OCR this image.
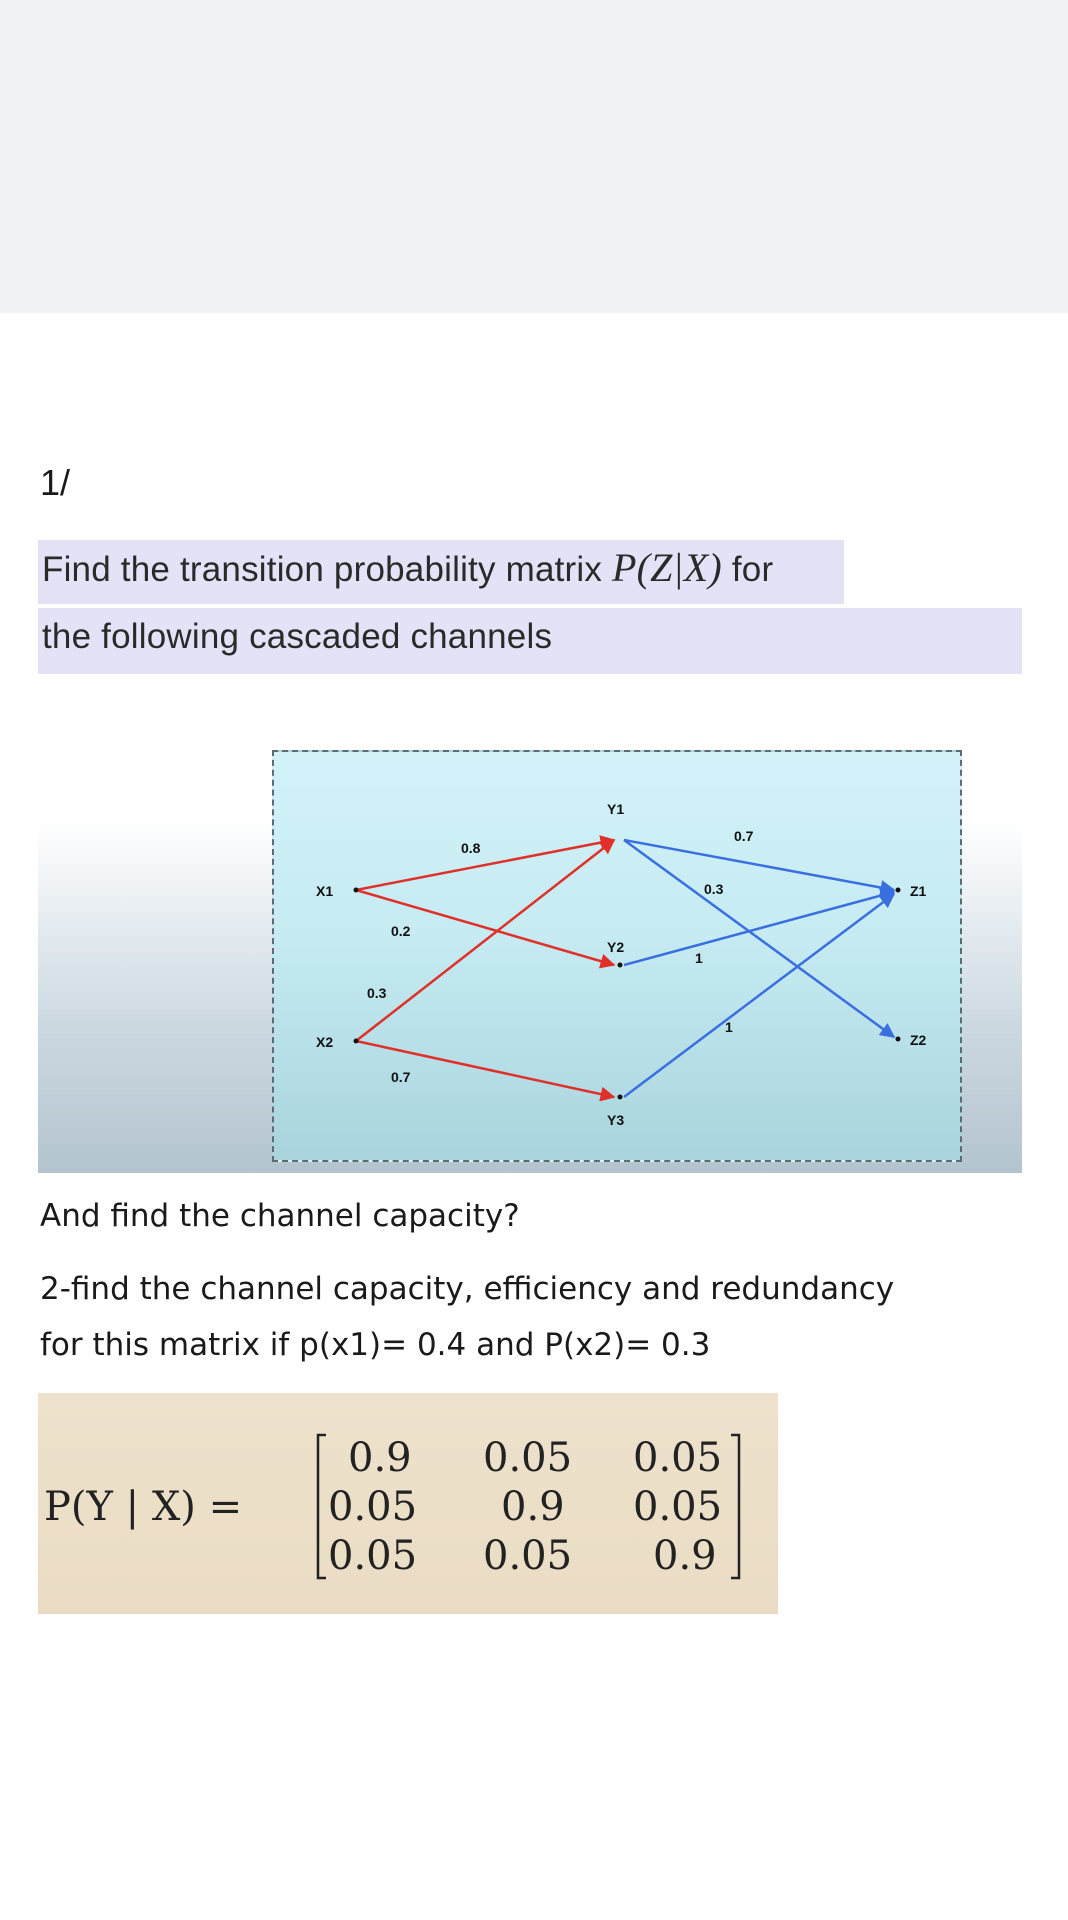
1/
Find the transition probability matrix P(Z|X) for
the following cascaded channels
X1
X2
Y1
Y2
Y3
Z1
Z2
0.8
0.2
0.3
0.7
0.7
0.3
1
1
And find the channel capacity?
2-find the channel capacity, efficiency and redundancy
for this matrix if p(x1)= 0.4 and P(x2)= 0.3
P(Y | X) =
0.9 0.05 0.05
0.05 0.9 0.05
0.05 0.05 0.9
